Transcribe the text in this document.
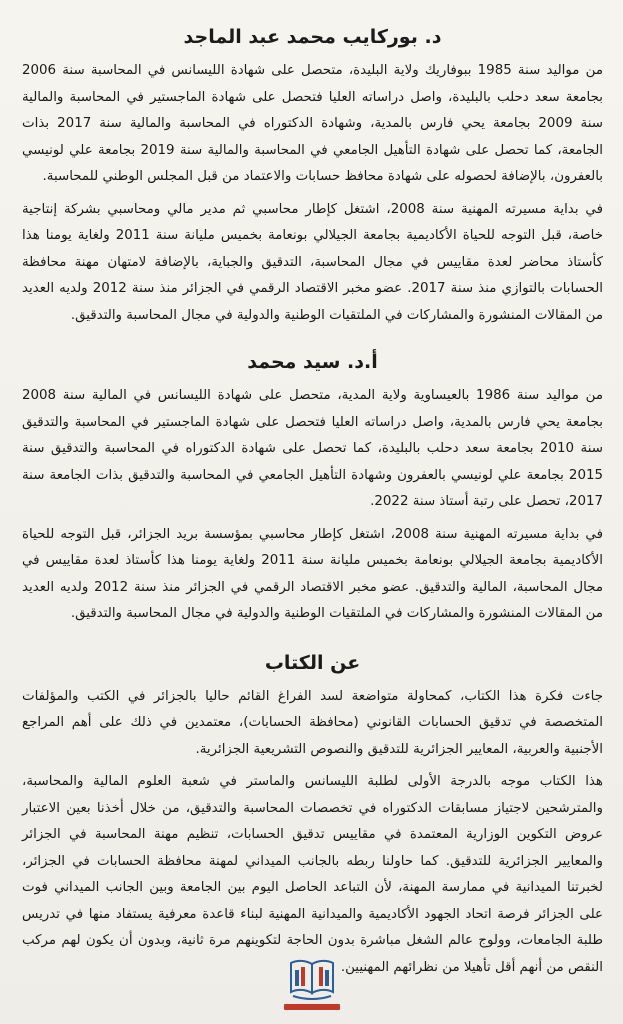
د. بوركايب محمد عبد الماجد

من مواليد سنة 1985 ببوفاريك ولاية البليدة، متحصل على شهادة الليسانس في المحاسبة سنة 2006 بجامعة سعد دحلب بالبليدة، واصل دراساته العليا فتحصل على شهادة الماجستير في المحاسبة والمالية سنة 2009 بجامعة يحي فارس بالمدية، وشهادة الدكتوراه في المحاسبة والمالية سنة 2017 بذات الجامعة، كما تحصل على شهادة التأهيل الجامعي في المحاسبة والمالية سنة 2019 بجامعة علي لونيسي بالعفرون، بالإضافة لحصوله على شهادة محافظ حسابات والاعتماد من قبل المجلس الوطني للمحاسبة.

في بداية مسيرته المهنية سنة 2008، اشتغل كإطار محاسبي ثم مدير مالي ومحاسبي بشركة إنتاجية خاصة، قبل التوجه للحياة الأكاديمية بجامعة الجيلالي بونعامة بخميس مليانة سنة 2011 ولغاية يومنا هذا كأستاذ محاضر لعدة مقاييس في مجال المحاسبة، التدقيق والجباية، بالإضافة لامتهان مهنة محافظة الحسابات بالتوازي منذ سنة 2017. عضو مخبر الاقتصاد الرقمي في الجزائر منذ سنة 2012 ولديه العديد من المقالات المنشورة والمشاركات في الملتقيات الوطنية والدولية في مجال المحاسبة والتدقيق.

أ.د. سيد محمد

من مواليد سنة 1986 بالعيساوية ولاية المدية، متحصل على شهادة الليسانس في المالية سنة 2008 بجامعة يحي فارس بالمدية، واصل دراساته العليا فتحصل على شهادة الماجستير في المحاسبة والتدقيق سنة 2010 بجامعة سعد دحلب بالبليدة، كما تحصل على شهادة الدكتوراه في المحاسبة والتدقيق سنة 2015 بجامعة علي لونيسي بالعفرون وشهادة التأهيل الجامعي في المحاسبة والتدقيق بذات الجامعة سنة 2017، تحصل على رتبة أستاذ سنة 2022.

في بداية مسيرته المهنية سنة 2008، اشتغل كإطار محاسبي بمؤسسة بريد الجزائر، قبل التوجه للحياة الأكاديمية بجامعة الجيلالي بونعامة بخميس مليانة سنة 2011 ولغاية يومنا هذا كأستاذ لعدة مقاييس في مجال المحاسبة، المالية والتدقيق. عضو مخبر الاقتصاد الرقمي في الجزائر منذ سنة 2012 ولديه العديد من المقالات المنشورة والمشاركات في الملتقيات الوطنية والدولية في مجال المحاسبة والتدقيق.

عن الكتاب

جاءت فكرة هذا الكتاب، كمحاولة متواضعة لسد الفراغ القائم حاليا بالجزائر في الكتب والمؤلفات المتخصصة في تدقيق الحسابات القانوني (محافظة الحسابات)، معتمدين في ذلك على أهم المراجع الأجنبية والعربية، المعايير الجزائرية للتدقيق والنصوص التشريعية الجزائرية.

هذا الكتاب موجه بالدرجة الأولى لطلبة الليسانس والماستر في شعبة العلوم المالية والمحاسبة، والمترشحين لاجتياز مسابقات الدكتوراه في تخصصات المحاسبة والتدقيق، من خلال أخذنا بعين الاعتبار عروض التكوين الوزارية المعتمدة في مقاييس تدقيق الحسابات، تنظيم مهنة المحاسبة في الجزائر والمعايير الجزائرية للتدقيق. كما حاولنا ربطه بالجانب الميداني لمهنة محافظة الحسابات في الجزائر، لخبرتنا الميدانية في ممارسة المهنة، لأن التباعد الحاصل اليوم بين الجامعة وبين الجانب الميداني فوت على الجزائر فرصة اتحاد الجهود الأكاديمية والميدانية المهنية لبناء قاعدة معرفية يستفاد منها في تدريس طلبة الجامعات، وولوج عالم الشغل مباشرة بدون الحاجة لتكوينهم مرة ثانية، وبدون أن يكون لهم مركب النقص من أنهم أقل تأهيلا من نظرائهم المهنيين.
